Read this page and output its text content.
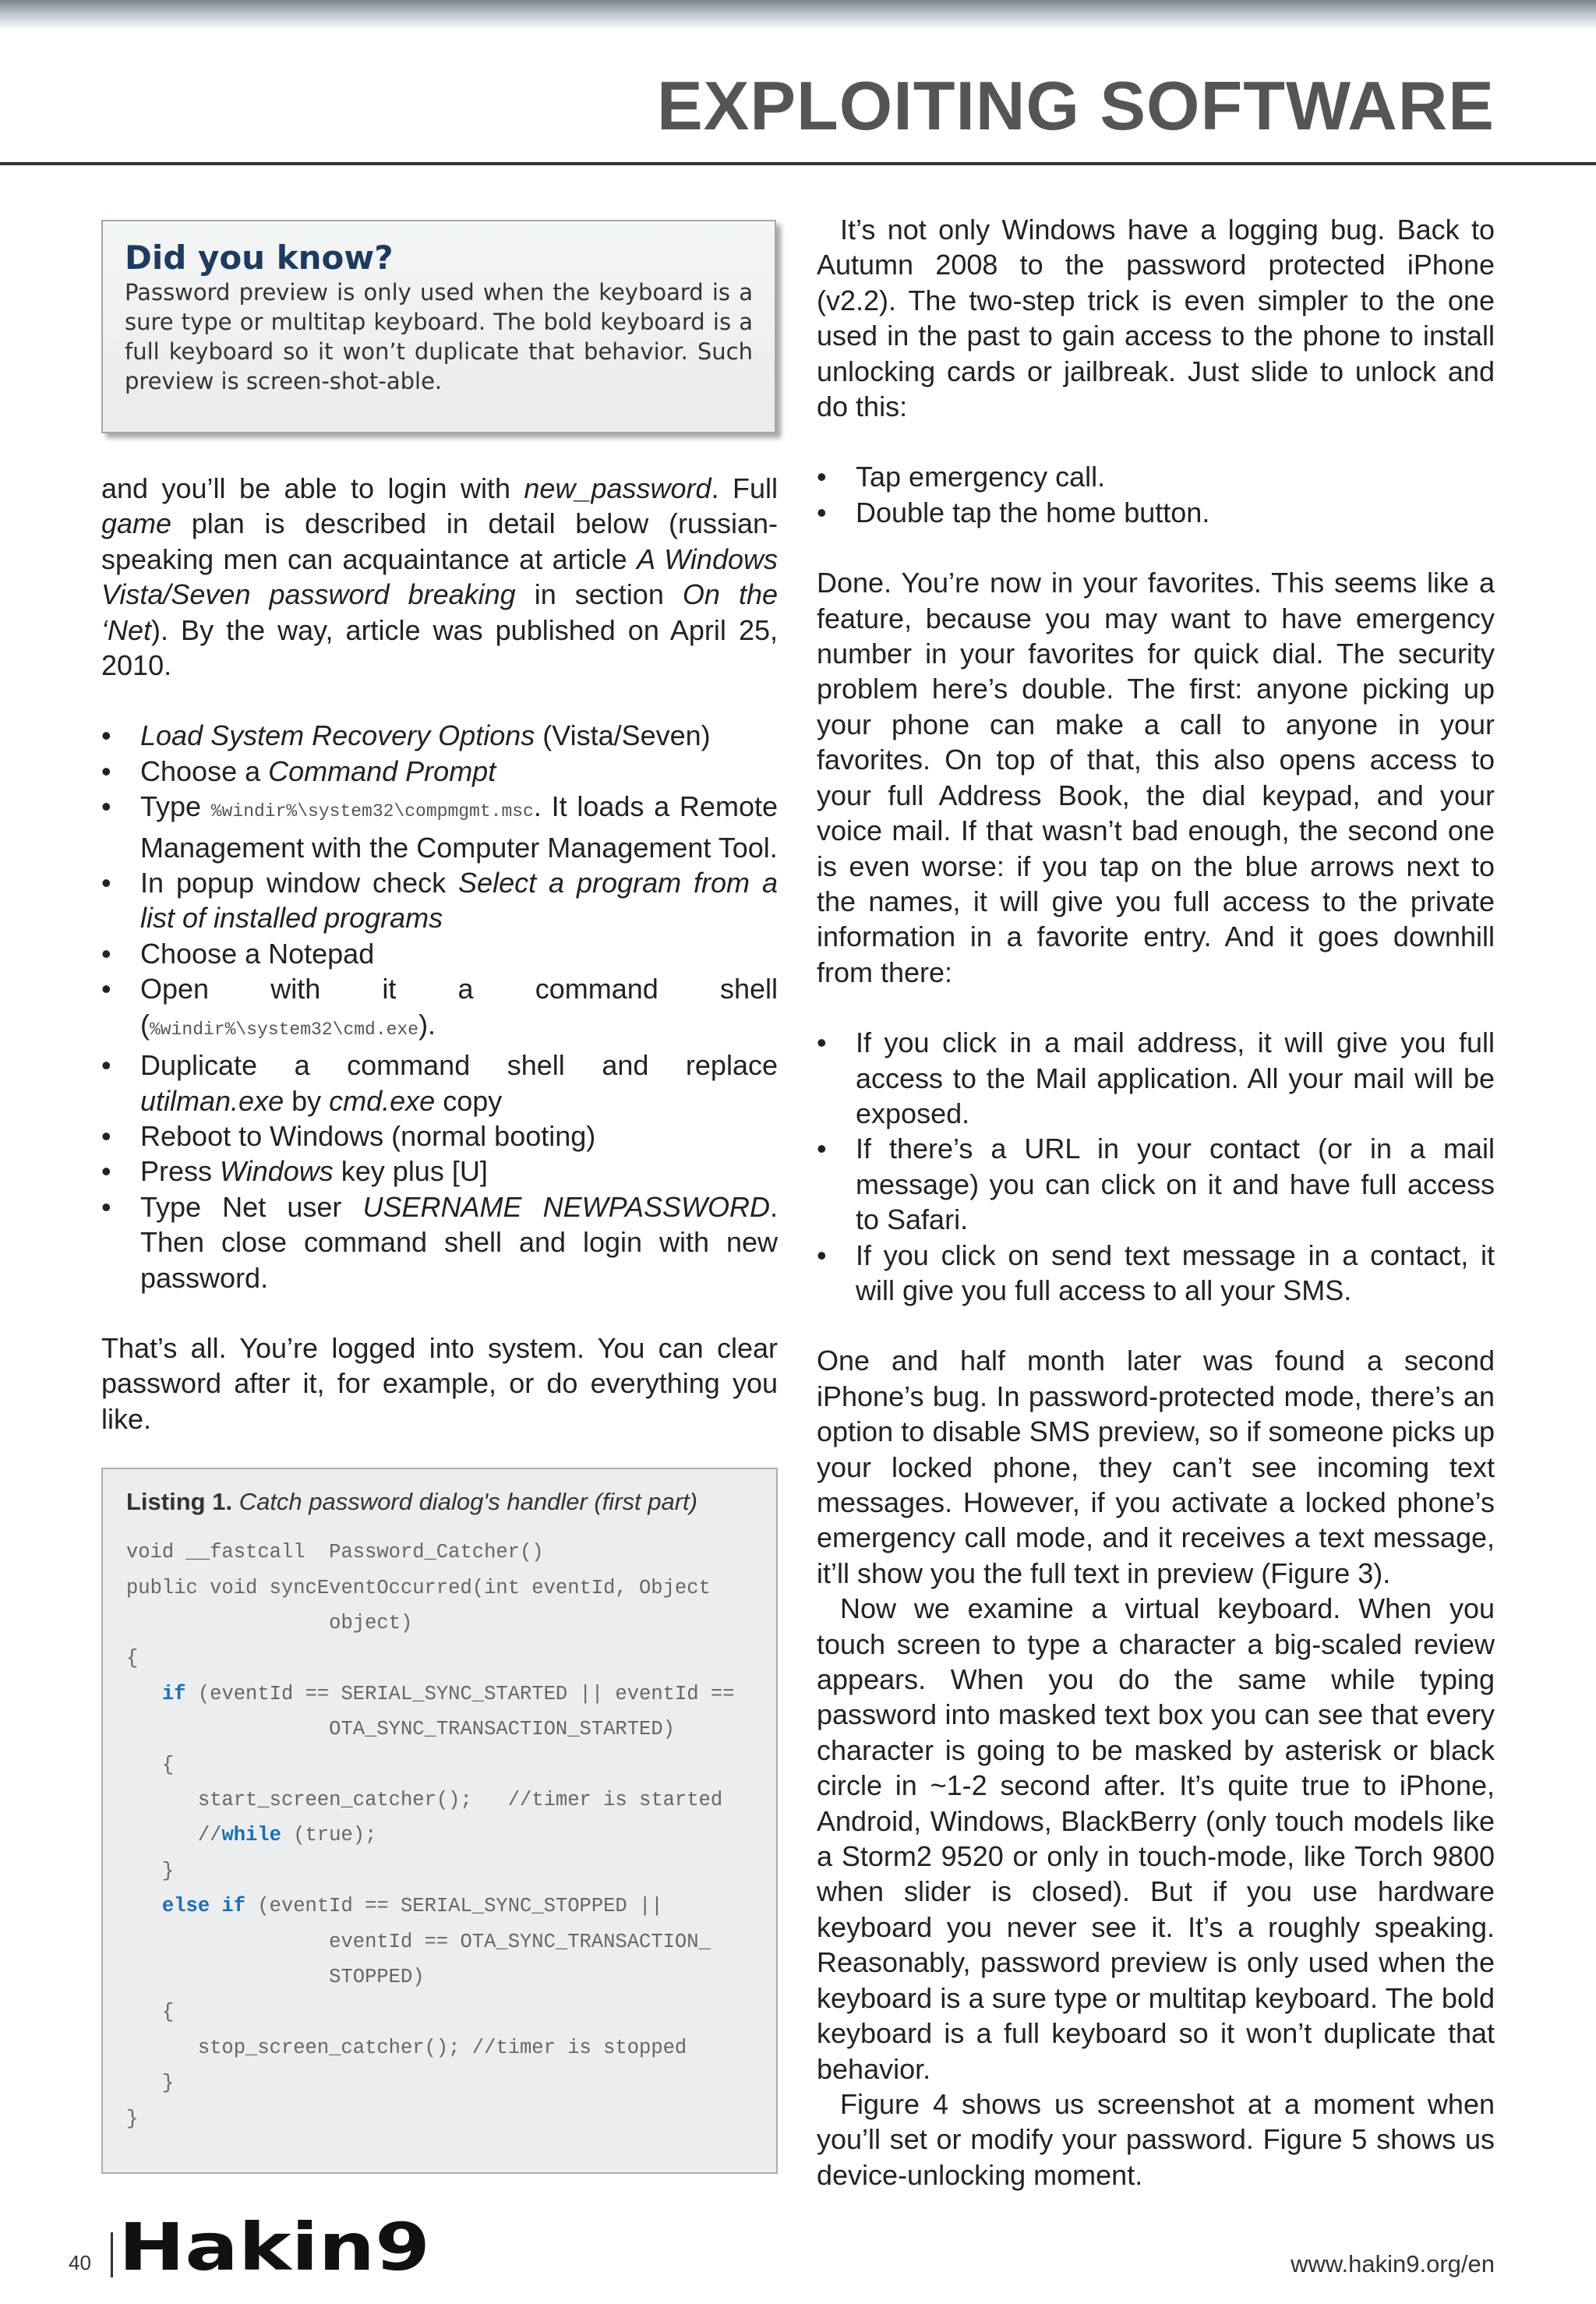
EXPLOITING SOFTWARE
Did you know?
Password preview is only used when the keyboard is a sure type or multitap keyboard. The bold keyboard is a full keyboard so it won’t duplicate that behavior. Such preview is screen-shot-able.

and you’ll be able to login with new_password. Full game plan is described in detail below (russian-speaking men can acquaintance at article A Windows Vista/Seven password breaking in section On the ‘Net). By the way, article was published on April 25, 2010.

• Load System Recovery Options (Vista/Seven)
• Choose a Command Prompt
• Type %windir%\system32\compmgmt.msc. It loads a Remote Management with the Computer Management Tool.
• In popup window check Select a program from a list of installed programs
• Choose a Notepad
• Open with it a command shell (%windir%\system32\cmd.exe).
• Duplicate a command shell and replace utilman.exe by cmd.exe copy
• Reboot to Windows (normal booting)
• Press Windows key plus [U]
• Type Net user USERNAME NEWPASSWORD. Then close command shell and login with new password.

That’s all. You’re logged into system. You can clear password after it, for example, or do everything you like.

Listing 1. Catch password dialog's handler (first part)
void __fastcall  Password_Catcher()
public void syncEventOccurred(int eventId, Object
object)
{
if (eventId == SERIAL_SYNC_STARTED || eventId ==
OTA_SYNC_TRANSACTION_STARTED)
{
start_screen_catcher();   //timer is started
//while (true);
}
else if (eventId == SERIAL_SYNC_STOPPED ||
eventId == OTA_SYNC_TRANSACTION_
STOPPED)
{
stop_screen_catcher(); //timer is stopped
}
}

It’s not only Windows have a logging bug. Back to Autumn 2008 to the password protected iPhone (v2.2). The two-step trick is even simpler to the one used in the past to gain access to the phone to install unlocking cards or jailbreak. Just slide to unlock and do this:

• Tap emergency call.
• Double tap the home button.

Done. You’re now in your favorites. This seems like a feature, because you may want to have emergency number in your favorites for quick dial. The security problem here’s double. The first: anyone picking up your phone can make a call to anyone in your favorites. On top of that, this also opens access to your full Address Book, the dial keypad, and your voice mail. If that wasn’t bad enough, the second one is even worse: if you tap on the blue arrows next to the names, it will give you full access to the private information in a favorite entry. And it goes downhill from there:

• If you click in a mail address, it will give you full access to the Mail application. All your mail will be exposed.
• If there’s a URL in your contact (or in a mail message) you can click on it and have full access to Safari.
• If you click on send text message in a contact, it will give you full access to all your SMS.

One and half month later was found a second iPhone’s bug. In password-protected mode, there’s an option to disable SMS preview, so if someone picks up your locked phone, they can’t see incoming text messages. However, if you activate a locked phone’s emergency call mode, and it receives a text message, it’ll show you the full text in preview (Figure 3).

Now we examine a virtual keyboard. When you touch screen to type a character a big-scaled review appears. When you do the same while typing password into masked text box you can see that every character is going to be masked by asterisk or black circle in ~1-2 second after. It’s quite true to iPhone, Android, Windows, BlackBerry (only touch models like a Storm2 9520 or only in touch-mode, like Torch 9800 when slider is closed). But if you use hardware keyboard you never see it. It’s a roughly speaking. Reasonably, password preview is only used when the keyboard is a sure type or multitap keyboard. The bold keyboard is a full keyboard so it won’t duplicate that behavior.

Figure 4 shows us screenshot at a moment when you’ll set or modify your password. Figure 5 shows us device-unlocking moment.

40 Hakin9	www.hakin9.org/en
